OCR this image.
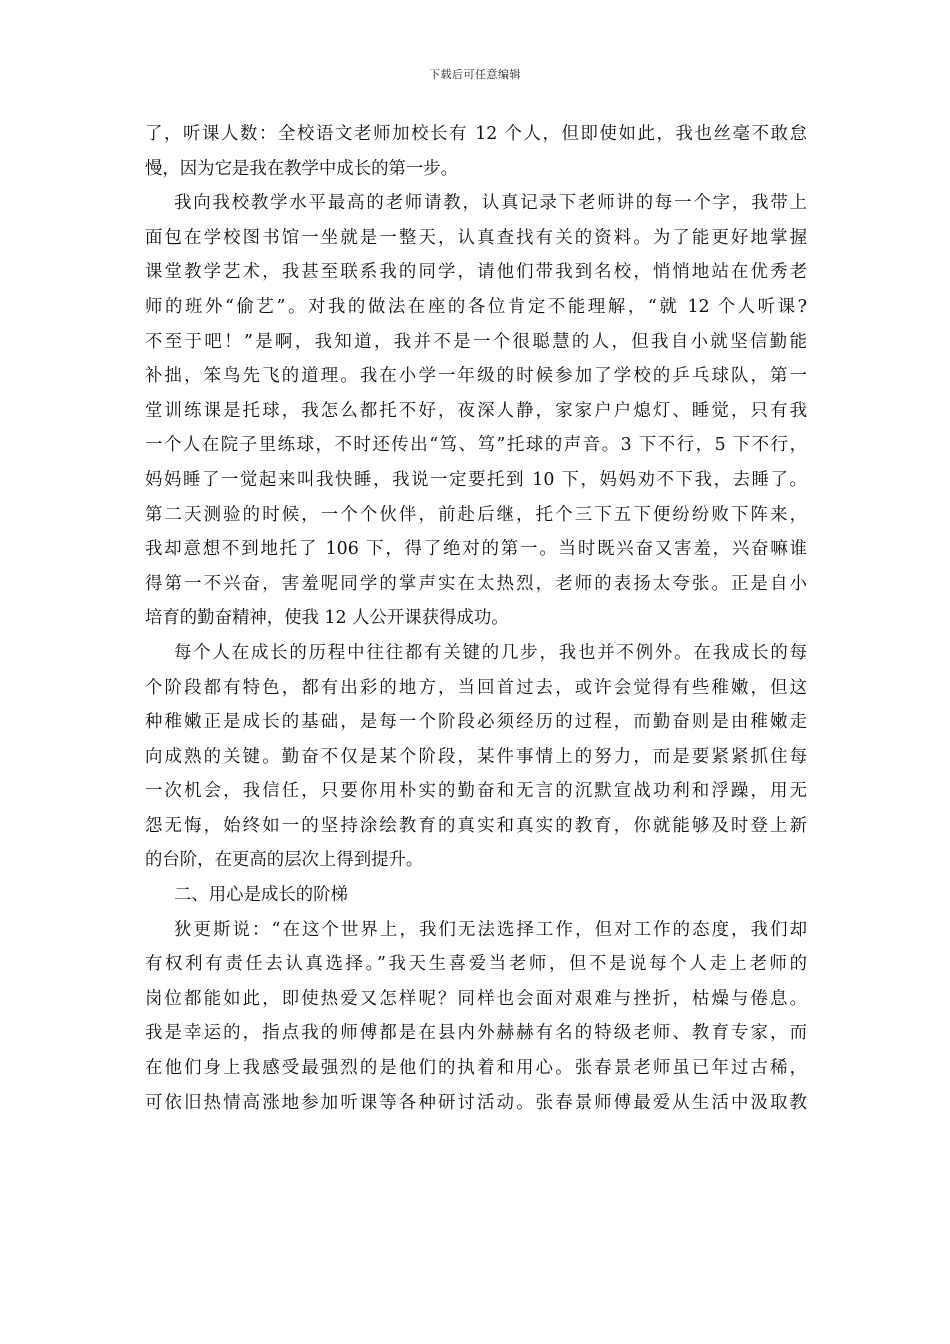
下载后可任意编辑
了，听课人数：全校语文老师加校长有 12 个人，但即使如此，我也丝毫不敢怠
慢，因为它是我在教学中成长的第一步。
我向我校教学水平最高的老师请教，认真记录下老师讲的每一个字，我带上
面包在学校图书馆一坐就是一整天，认真查找有关的资料。为了能更好地掌握
课堂教学艺术，我甚至联系我的同学，请他们带我到名校，悄悄地站在优秀老
师的班外“偷艺”。对我的做法在座的各位肯定不能理解，“就 12 个人听课?
不至于吧！”是啊，我知道，我并不是一个很聪慧的人，但我自小就坚信勤能
补拙，笨鸟先飞的道理。我在小学一年级的时候参加了学校的乒乓球队，第一
堂训练课是托球，我怎么都托不好，夜深人静，家家户户熄灯、睡觉，只有我
一个人在院子里练球，不时还传出“笃、笃”托球的声音。3 下不行，5 下不行，
妈妈睡了一觉起来叫我快睡，我说一定要托到 10 下，妈妈劝不下我，去睡了。
第二天测验的时候，一个个伙伴，前赴后继，托个三下五下便纷纷败下阵来，
我却意想不到地托了 106 下，得了绝对的第一。当时既兴奋又害羞，兴奋嘛谁
得第一不兴奋，害羞呢同学的掌声实在太热烈，老师的表扬太夸张。正是自小
培育的勤奋精神，使我 12 人公开课获得成功。
每个人在成长的历程中往往都有关键的几步，我也并不例外。在我成长的每
个阶段都有特色，都有出彩的地方，当回首过去，或许会觉得有些稚嫩，但这
种稚嫩正是成长的基础，是每一个阶段必须经历的过程，而勤奋则是由稚嫩走
向成熟的关键。勤奋不仅是某个阶段，某件事情上的努力，而是要紧紧抓住每
一次机会，我信任，只要你用朴实的勤奋和无言的沉默宣战功利和浮躁，用无
怨无悔，始终如一的坚持涂绘教育的真实和真实的教育，你就能够及时登上新
的台阶，在更高的层次上得到提升。
二、用心是成长的阶梯
狄更斯说：“在这个世界上，我们无法选择工作，但对工作的态度，我们却
有权利有责任去认真选择。”我天生喜爱当老师，但不是说每个人走上老师的
岗位都能如此，即使热爱又怎样呢？同样也会面对艰难与挫折，枯燥与倦息。
我是幸运的，指点我的师傅都是在县内外赫赫有名的特级老师、教育专家，而
在他们身上我感受最强烈的是他们的执着和用心。张春景老师虽已年过古稀，
可依旧热情高涨地参加听课等各种研讨活动。张春景师傅最爱从生活中汲取教
